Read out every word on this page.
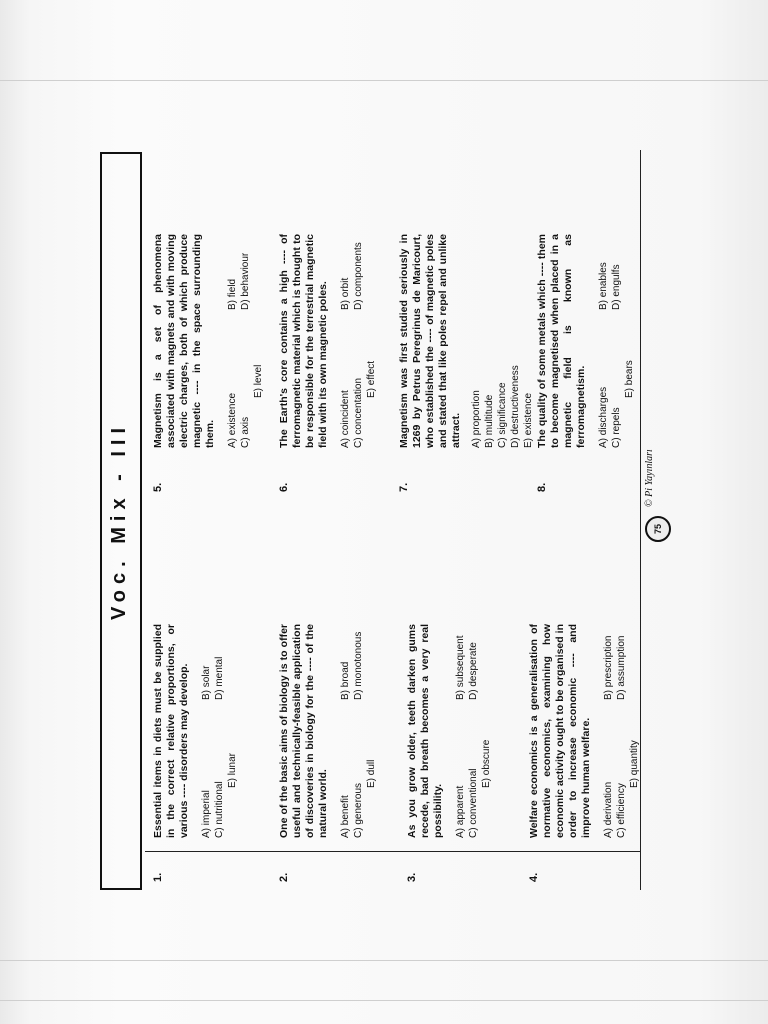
Voc. Mix - III
1.
Essential items in diets must be supplied in the correct relative proportions, or various ---- disorders may develop. A) imperial
B) solar
C) nutritional
D) mental
E) lunar
2.
One of the basic aims of biology is to offer useful and technically-feasible application of discoveries in biology for the ---- of the natural world. A) benefit
B) broad
C) generous
D) monotonous
E) dull
3.
As you grow older, teeth darken gums recede, bad breath becomes a very real possibility. A) apparent
B) subsequent
C) conventional
D) desperate
E) obscure
4.
Welfare economics is a generalisation of normative economics, examining how economic activity ought to be organised in order to increase economic ---- and improve human welfare. A) derivation
B) prescription
C) efficiency
D) assumption
E) quantity
5.
Magnetism is a set of phenomena associated with magnets and with moving electric charges, both of which produce magnetic ---- in the space surrounding them. A) existence
B) field
C) axis
D) behaviour
E) level
6.
The Earth's core contains a high ---- of ferromagnetic material which is thought to be responsible for the terrestrial magnetic field with its own magnetic poles. A) coincident
B) orbit
C) concentation
D) components
E) effect
7.
Magnetism was first studied seriously in 1269 by Petrus Peregrinus de Maricourt, who established the ---- of magnetic poles and stated that like poles repel and unlike attract. A) proportion B) multitude C) significance D) destructiveness E) existence
8.
The quality of some metals which ---- them to become magnetised when placed in a magnetic field is known as ferromagnetism. A) discharges
B) enables
C) repels
D) engulfs
E) bears
© Pi Yayınları
75
